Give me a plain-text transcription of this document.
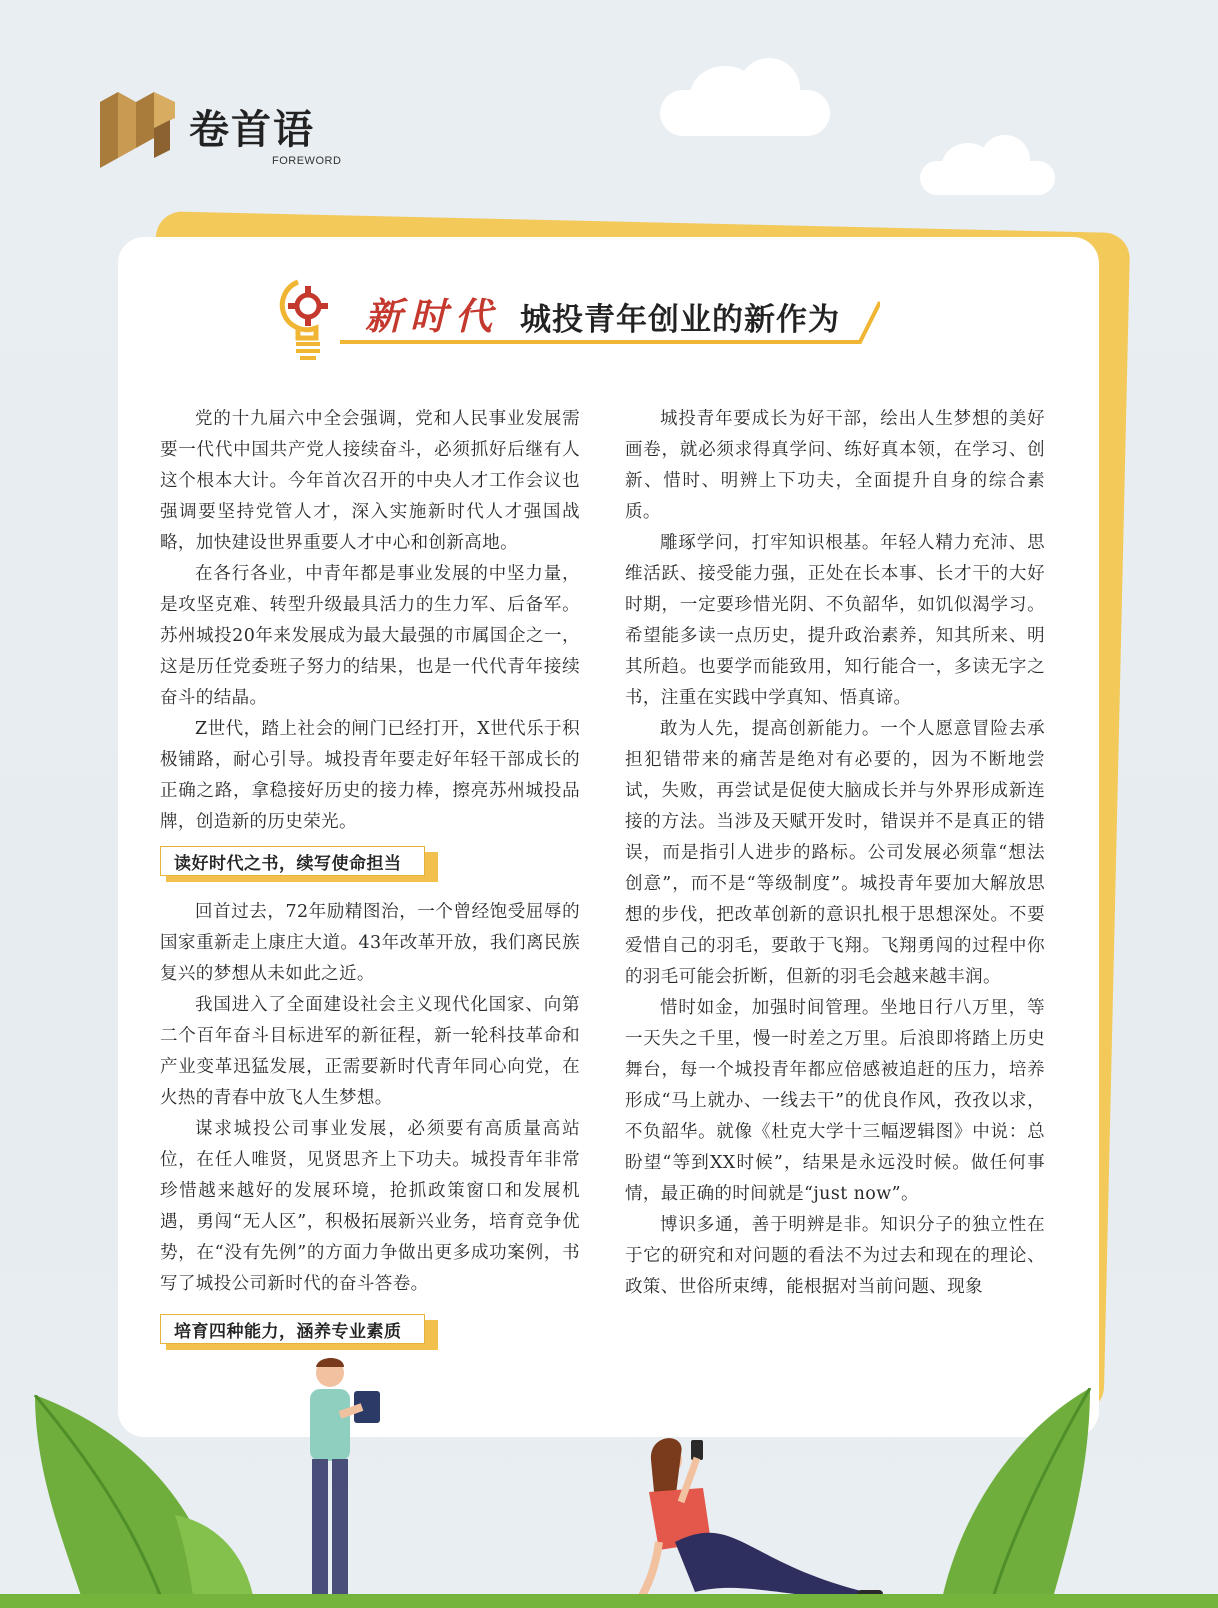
卷首语
FOREWORD
新时代 城投青年创业的新作为

党的十九届六中全会强调，党和人民事业发展需要一代代中国共产党人接续奋斗，必须抓好后继有人这个根本大计。今年首次召开的中央人才工作会议也强调要坚持党管人才，深入实施新时代人才强国战略，加快建设世界重要人才中心和创新高地。

在各行各业，中青年都是事业发展的中坚力量，是攻坚克难、转型升级最具活力的生力军、后备军。苏州城投20年来发展成为最大最强的市属国企之一，这是历任党委班子努力的结果，也是一代代青年接续奋斗的结晶。

Z世代，踏上社会的闸门已经打开，X世代乐于积极铺路，耐心引导。城投青年要走好年轻干部成长的正确之路，拿稳接好历史的接力棒，擦亮苏州城投品牌，创造新的历史荣光。

读好时代之书，续写使命担当

回首过去，72年励精图治，一个曾经饱受屈辱的国家重新走上康庄大道。43年改革开放，我们离民族复兴的梦想从未如此之近。

我国进入了全面建设社会主义现代化国家、向第二个百年奋斗目标进军的新征程，新一轮科技革命和产业变革迅猛发展，正需要新时代青年同心向党，在火热的青春中放飞人生梦想。

谋求城投公司事业发展，必须要有高质量高站位，在任人唯贤，见贤思齐上下功夫。城投青年非常珍惜越来越好的发展环境，抢抓政策窗口和发展机遇，勇闯“无人区”，积极拓展新兴业务，培育竞争优势，在“没有先例”的方面力争做出更多成功案例，书写了城投公司新时代的奋斗答卷。

培育四种能力，涵养专业素质

城投青年要成长为好干部，绘出人生梦想的美好画卷，就必须求得真学问、练好真本领，在学习、创新、惜时、明辨上下功夫，全面提升自身的综合素质。

雕琢学问，打牢知识根基。年轻人精力充沛、思维活跃、接受能力强，正处在长本事、长才干的大好时期，一定要珍惜光阴、不负韶华，如饥似渴学习。希望能多读一点历史，提升政治素养，知其所来、明其所趋。也要学而能致用，知行能合一，多读无字之书，注重在实践中学真知、悟真谛。

敢为人先，提高创新能力。一个人愿意冒险去承担犯错带来的痛苦是绝对有必要的，因为不断地尝试，失败，再尝试是促使大脑成长并与外界形成新连接的方法。当涉及天赋开发时，错误并不是真正的错误，而是指引人进步的路标。公司发展必须靠“想法创意”，而不是“等级制度”。城投青年要加大解放思想的步伐，把改革创新的意识扎根于思想深处。不要爱惜自己的羽毛，要敢于飞翔。飞翔勇闯的过程中你的羽毛可能会折断，但新的羽毛会越来越丰润。

惜时如金，加强时间管理。坐地日行八万里，等一天失之千里，慢一时差之万里。后浪即将踏上历史舞台，每一个城投青年都应倍感被追赶的压力，培养形成“马上就办、一线去干”的优良作风，孜孜以求，不负韶华。就像《杜克大学十三幅逻辑图》中说：总盼望“等到XX时候”，结果是永远没时候。做任何事情，最正确的时间就是“just now”。

博识多通，善于明辨是非。知识分子的独立性在于它的研究和对问题的看法不为过去和现在的理论、政策、世俗所束缚，能根据对当前问题、现象
